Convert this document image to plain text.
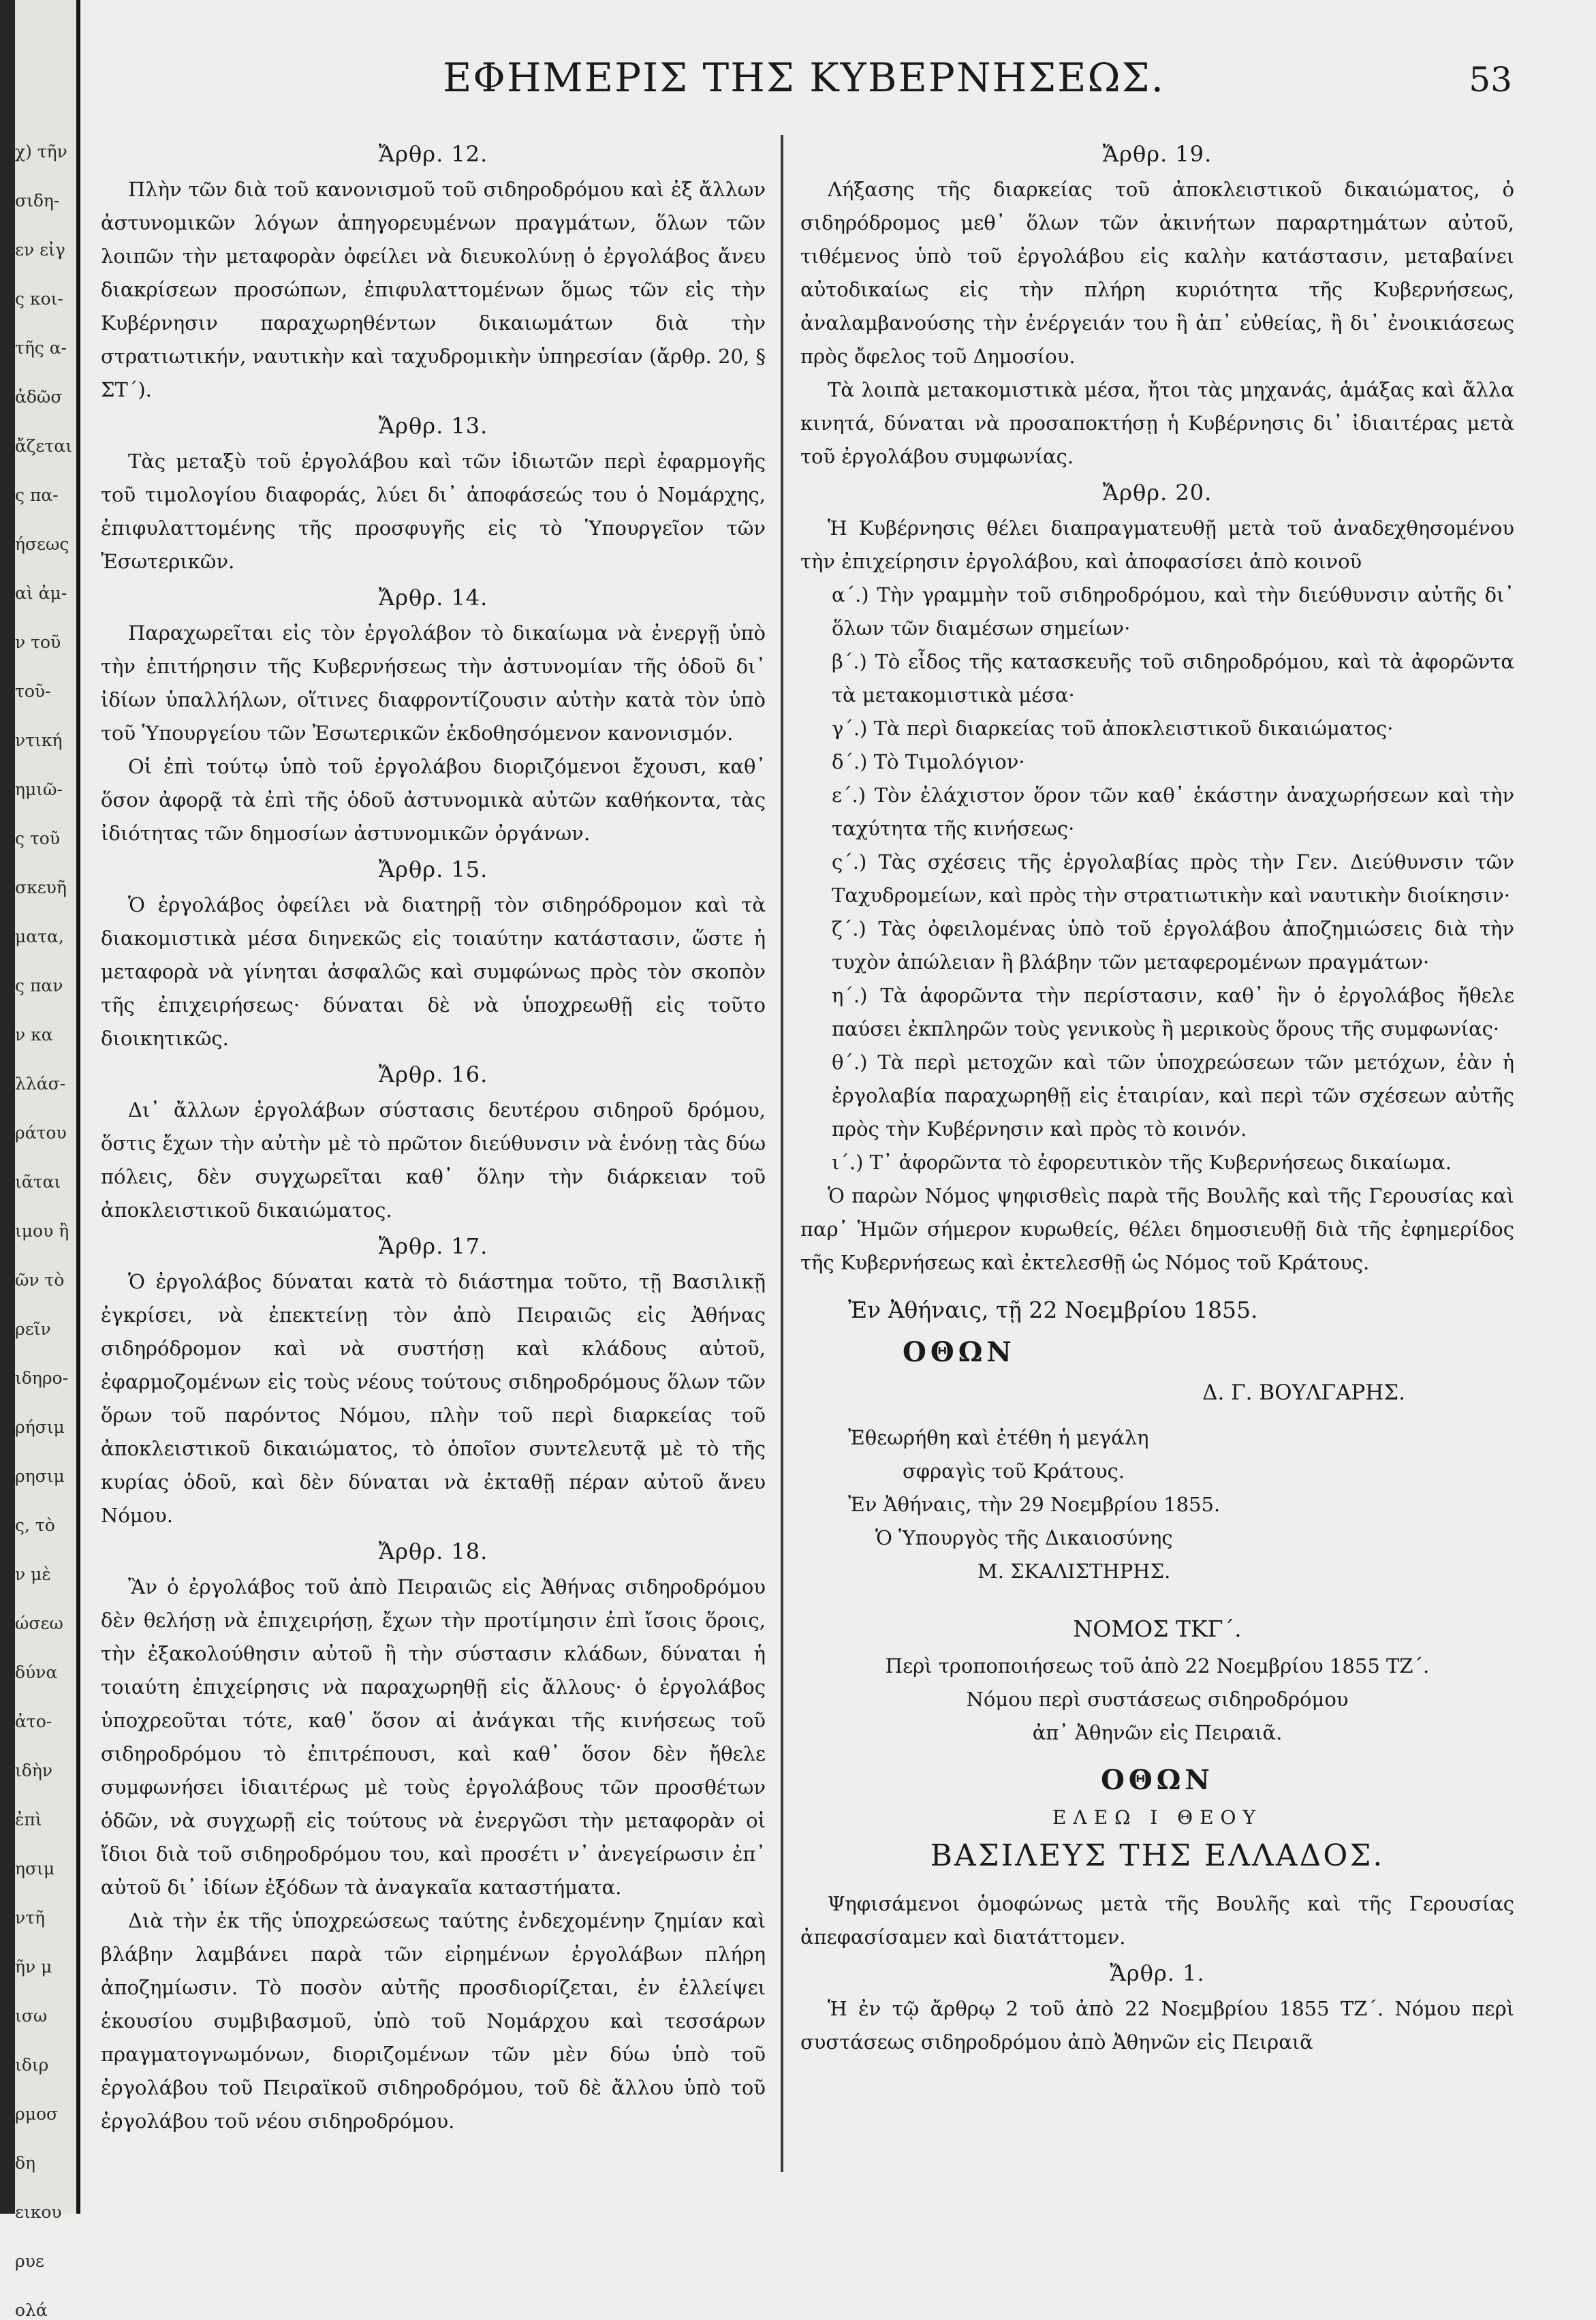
χ) τῆν
σιδη-
εν εἰγ
ς κοι-
τῆς α-
ἀδῶσ
ἄζεται
ς πα-
ήσεως
αὶ ἀμ-
ν τοῦ
τοῦ-
ντική
ημιῶ-
ς τοῦ
σκευῆ
ματα,
ς παν
ν κα
λλάσ-
ράτου
ιᾶται
ιμου ἢ
ῶν τὸ
ρεῖν
ιδηρο-
ρήσιμ
ρησιμ
ς, τὸ
ν μὲ
ώσεω
δύνα
ἀτο-
ιδὴν
ἐπὶ
ησιμ
ντῆ
ῆν μ
ισω
ιδιρ
ρμοσ
δη
εικου
ρυε
ολά
ΕΦΗΜΕΡΙΣ ΤΗΣ ΚΥΒΕΡΝΗΣΕΩΣ.	53

Ἄρθρ. 12.

Πλὴν τῶν διὰ τοῦ κανονισμοῦ τοῦ σιδηροδρόμου καὶ ἐξ ἄλλων ἀστυνομικῶν λόγων ἀπηγορευμένων πραγμάτων, ὅλων τῶν λοιπῶν τὴν μεταφορὰν ὀφείλει νὰ διευκολύνῃ ὁ ἐργολάβος ἄνευ διακρίσεων προσώπων, ἐπιφυλαττομένων ὅμως τῶν εἰς τὴν Κυβέρνησιν παραχωρηθέντων δικαιωμάτων διὰ τὴν στρατιωτικήν, ναυτικὴν καὶ ταχυδρομικὴν ὑπηρεσίαν (ἄρθρ. 20, § ΣΤ΄).

Ἄρθρ. 13.

Τὰς μεταξὺ τοῦ ἐργολάβου καὶ τῶν ἰδιωτῶν περὶ ἐφαρμογῆς τοῦ τιμολογίου διαφοράς, λύει δι᾽ ἀποφάσεώς του ὁ Νομάρχης, ἐπιφυλαττομένης τῆς προσφυγῆς εἰς τὸ Ὑπουργεῖον τῶν Ἐσωτερικῶν.

Ἄρθρ. 14.

Παραχωρεῖται εἰς τὸν ἐργολάβον τὸ δικαίωμα νὰ ἐνεργῇ ὑπὸ τὴν ἐπιτήρησιν τῆς Κυβερνήσεως τὴν ἀστυνομίαν τῆς ὁδοῦ δι᾽ ἰδίων ὑπαλλήλων, οἵτινες διαφροντίζουσιν αὐτὴν κατὰ τὸν ὑπὸ τοῦ Ὑπουργείου τῶν Ἐσωτερικῶν ἐκδοθησόμενον κανονισμόν.

Οἱ ἐπὶ τούτῳ ὑπὸ τοῦ ἐργολάβου διοριζόμενοι ἔχουσι, καθ᾽ ὅσον ἀφορᾷ τὰ ἐπὶ τῆς ὁδοῦ ἀστυνομικὰ αὐτῶν καθήκοντα, τὰς ἰδιότητας τῶν δημοσίων ἀστυνομικῶν ὀργάνων.

Ἄρθρ. 15.

Ὁ ἐργολάβος ὀφείλει νὰ διατηρῇ τὸν σιδηρόδρομον καὶ τὰ διακομιστικὰ μέσα διηνεκῶς εἰς τοιαύτην κατάστασιν, ὥστε ἡ μεταφορὰ νὰ γίνηται ἀσφαλῶς καὶ συμφώνως πρὸς τὸν σκοπὸν τῆς ἐπιχειρήσεως· δύναται δὲ νὰ ὑποχρεωθῇ εἰς τοῦτο διοικητικῶς.

Ἄρθρ. 16.

Δι᾽ ἄλλων ἐργολάβων σύστασις δευτέρου σιδηροῦ δρόμου, ὅστις ἔχων τὴν αὐτὴν μὲ τὸ πρῶτον διεύθυνσιν νὰ ἑνόνῃ τὰς δύω πόλεις, δὲν συγχωρεῖται καθ᾽ ὅλην τὴν διάρκειαν τοῦ ἀποκλειστικοῦ δικαιώματος.

Ἄρθρ. 17.

Ὁ ἐργολάβος δύναται κατὰ τὸ διάστημα τοῦτο, τῇ Βασιλικῇ ἐγκρίσει, νὰ ἐπεκτείνῃ τὸν ἀπὸ Πειραιῶς εἰς Ἀθήνας σιδηρόδρομον καὶ νὰ συστήσῃ καὶ κλάδους αὐτοῦ, ἐφαρμοζομένων εἰς τοὺς νέους τούτους σιδηροδρόμους ὅλων τῶν ὅρων τοῦ παρόντος Νόμου, πλὴν τοῦ περὶ διαρκείας τοῦ ἀποκλειστικοῦ δικαιώματος, τὸ ὁποῖον συντελευτᾷ μὲ τὸ τῆς κυρίας ὁδοῦ, καὶ δὲν δύναται νὰ ἐκταθῇ πέραν αὐτοῦ ἄνευ Νόμου.

Ἄρθρ. 18.

Ἂν ὁ ἐργολάβος τοῦ ἀπὸ Πειραιῶς εἰς Ἀθήνας σιδηροδρόμου δὲν θελήσῃ νὰ ἐπιχειρήσῃ, ἔχων τὴν προτίμησιν ἐπὶ ἴσοις ὅροις, τὴν ἐξακολούθησιν αὐτοῦ ἢ τὴν σύστασιν κλάδων, δύναται ἡ τοιαύτη ἐπιχείρησις νὰ παραχωρηθῇ εἰς ἄλλους· ὁ ἐργολάβος ὑποχρεοῦται τότε, καθ᾽ ὅσον αἱ ἀνάγκαι τῆς κινήσεως τοῦ σιδηροδρόμου τὸ ἐπιτρέπουσι, καὶ καθ᾽ ὅσον δὲν ἤθελε συμφωνήσει ἰδιαιτέρως μὲ τοὺς ἐργολάβους τῶν προσθέτων ὁδῶν, νὰ συγχωρῇ εἰς τούτους νὰ ἐνεργῶσι τὴν μεταφορὰν οἱ ἴδιοι διὰ τοῦ σιδηροδρόμου του, καὶ προσέτι ν᾽ ἀνεγείρωσιν ἐπ᾽ αὐτοῦ δι᾽ ἰδίων ἐξόδων τὰ ἀναγκαῖα καταστήματα.

Διὰ τὴν ἐκ τῆς ὑποχρεώσεως ταύτης ἐνδεχομένην ζημίαν καὶ βλάβην λαμβάνει παρὰ τῶν εἰρημένων ἐργολάβων πλήρη ἀποζημίωσιν. Τὸ ποσὸν αὐτῆς προσδιορίζεται, ἐν ἐλλείψει ἑκουσίου συμβιβασμοῦ, ὑπὸ τοῦ Νομάρχου καὶ τεσσάρων πραγματογνωμόνων, διοριζομένων τῶν μὲν δύω ὑπὸ τοῦ ἐργολάβου τοῦ Πειραϊκοῦ σιδηροδρόμου, τοῦ δὲ ἄλλου ὑπὸ τοῦ ἐργολάβου τοῦ νέου σιδηροδρόμου.

Ἄρθρ. 19.

Λήξασης τῆς διαρκείας τοῦ ἀποκλειστικοῦ δικαιώματος, ὁ σιδηρόδρομος μεθ᾽ ὅλων τῶν ἀκινήτων παραρτημάτων αὐτοῦ, τιθέμενος ὑπὸ τοῦ ἐργολάβου εἰς καλὴν κατάστασιν, μεταβαίνει αὐτοδικαίως εἰς τὴν πλήρη κυριότητα τῆς Κυβερνήσεως, ἀναλαμβανούσης τὴν ἐνέργειάν του ἢ ἀπ᾽ εὐθείας, ἢ δι᾽ ἐνοικιάσεως πρὸς ὄφελος τοῦ Δημοσίου.

Τὰ λοιπὰ μετακομιστικὰ μέσα, ἤτοι τὰς μηχανάς, ἁμάξας καὶ ἄλλα κινητά, δύναται νὰ προσαποκτήσῃ ἡ Κυβέρνησις δι᾽ ἰδιαιτέρας μετὰ τοῦ ἐργολάβου συμφωνίας.

Ἄρθρ. 20.

Ἡ Κυβέρνησις θέλει διαπραγματευθῇ μετὰ τοῦ ἀναδεχθησομένου τὴν ἐπιχείρησιν ἐργολάβου, καὶ ἀποφασίσει ἀπὸ κοινοῦ

α΄.) Τὴν γραμμὴν τοῦ σιδηροδρόμου, καὶ τὴν διεύθυνσιν αὐτῆς δι᾽ ὅλων τῶν διαμέσων σημείων·

β΄.) Τὸ εἶδος τῆς κατασκευῆς τοῦ σιδηροδρόμου, καὶ τὰ ἀφορῶντα τὰ μετακομιστικὰ μέσα·

γ΄.) Τὰ περὶ διαρκείας τοῦ ἀποκλειστικοῦ δικαιώματος·

δ΄.) Τὸ Τιμολόγιον·

ε΄.) Τὸν ἐλάχιστον ὅρον τῶν καθ᾽ ἑκάστην ἀναχωρήσεων καὶ τὴν ταχύτητα τῆς κινήσεως·

ς΄.) Τὰς σχέσεις τῆς ἐργολαβίας πρὸς τὴν Γεν. Διεύθυνσιν τῶν Ταχυδρομείων, καὶ πρὸς τὴν στρατιωτικὴν καὶ ναυτικὴν διοίκησιν·

ζ΄.) Τὰς ὀφειλομένας ὑπὸ τοῦ ἐργολάβου ἀποζημιώσεις διὰ τὴν τυχὸν ἀπώλειαν ἢ βλάβην τῶν μεταφερομένων πραγμάτων·

η΄.) Τὰ ἀφορῶντα τὴν περίστασιν, καθ᾽ ἣν ὁ ἐργολάβος ἤθελε παύσει ἐκπληρῶν τοὺς γενικοὺς ἢ μερικοὺς ὅρους τῆς συμφωνίας·

θ΄.) Τὰ περὶ μετοχῶν καὶ τῶν ὑποχρεώσεων τῶν μετόχων, ἐὰν ἡ ἐργολαβία παραχωρηθῇ εἰς ἑταιρίαν, καὶ περὶ τῶν σχέσεων αὐτῆς πρὸς τὴν Κυβέρνησιν καὶ πρὸς τὸ κοινόν.

ι΄.) Τ᾽ ἀφορῶντα τὸ ἐφορευτικὸν τῆς Κυβερνήσεως δικαίωμα.

Ὁ παρὼν Νόμος ψηφισθεὶς παρὰ τῆς Βουλῆς καὶ τῆς Γερουσίας καὶ παρ᾽ Ἡμῶν σήμερον κυρωθείς, θέλει δημοσιευθῇ διὰ τῆς ἐφημερίδος τῆς Κυβερνήσεως καὶ ἐκτελεσθῇ ὡς Νόμος τοῦ Κράτους.

Ἐν Ἀθήναις, τῇ 22 Νοεμβρίου 1855.

ΟΘΩΝ

Δ. Γ. ΒΟΥΛΓΑΡΗΣ.

Ἐθεωρήθη καὶ ἐτέθη ἡ μεγάλη

σφραγὶς τοῦ Κράτους.

Ἐν Ἀθήναις, τὴν 29 Νοεμβρίου 1855.

Ὁ Ὑπουργὸς τῆς Δικαιοσύνης

Μ. ΣΚΑΛΙΣΤΗΡΗΣ.

ΝΟΜΟΣ ΤΚΓ΄.

Περὶ τροποποιήσεως τοῦ ἀπὸ 22 Νοεμβρίου 1855 ΤΖ΄.

Νόμου περὶ συστάσεως σιδηροδρόμου

ἀπ᾽ Ἀθηνῶν εἰς Πειραιᾶ.

ΟΘΩΝ

ΕΛΕΩ Ι ΘΕΟΥ

ΒΑΣΙΛΕΥΣ ΤΗΣ ΕΛΛΑΔΟΣ.

Ψηφισάμενοι ὁμοφώνως μετὰ τῆς Βουλῆς καὶ τῆς Γερουσίας ἀπεφασίσαμεν καὶ διατάττομεν.

Ἄρθρ. 1.

Ἡ ἐν τῷ ἄρθρῳ 2 τοῦ ἀπὸ 22 Νοεμβρίου 1855 ΤΖ΄. Νόμου περὶ συστάσεως σιδηροδρόμου ἀπὸ Ἀθηνῶν εἰς Πειραιᾶ
